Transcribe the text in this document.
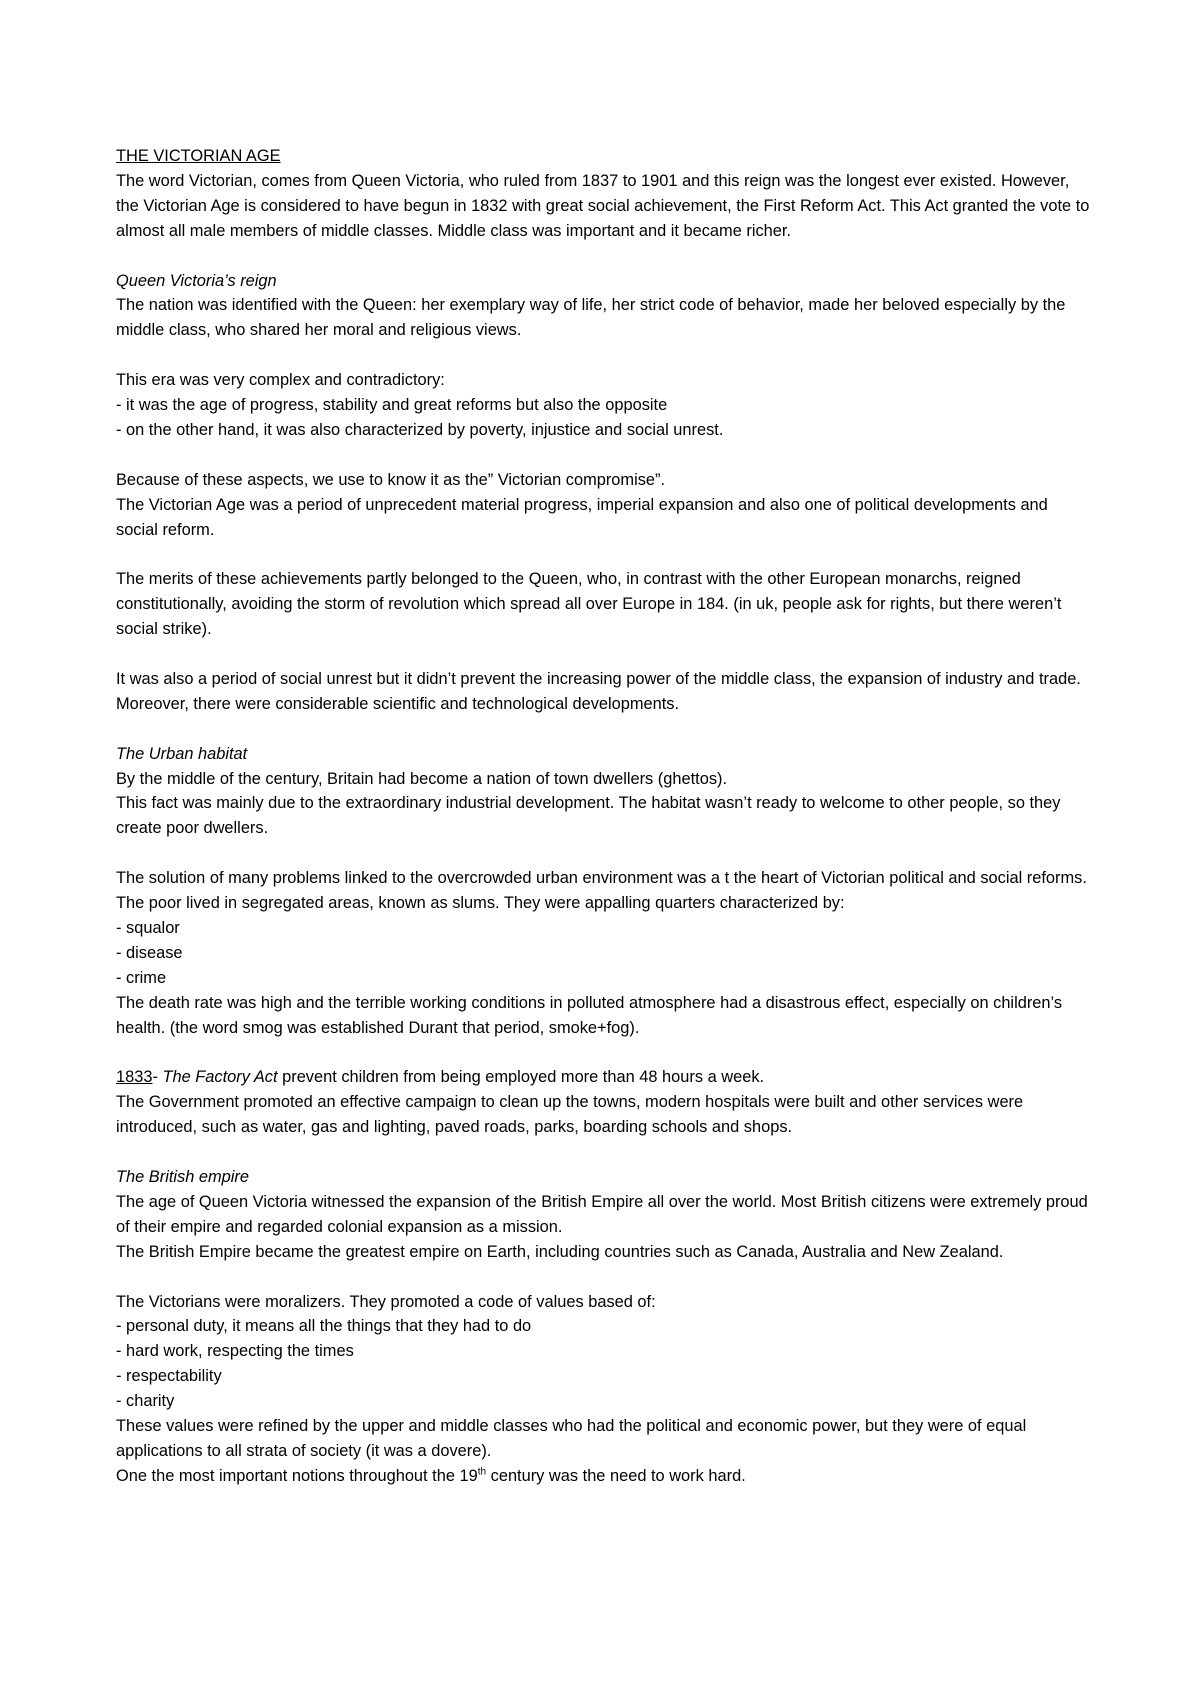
THE VICTORIAN AGE

The word Victorian, comes from Queen Victoria, who ruled from 1837 to 1901 and this reign was the longest ever existed. However, the Victorian Age is considered to have begun in 1832 with great social achievement, the First Reform Act. This Act granted the vote to almost all male members of middle classes. Middle class was important and it became richer.

Queen Victoria’s reign

The nation was identified with the Queen: her exemplary way of life, her strict code of behavior, made her beloved especially by the middle class, who shared her moral and religious views.

This era was very complex and contradictory:

- it was the age of progress, stability and great reforms but also the opposite

- on the other hand, it was also characterized by poverty, injustice and social unrest.

Because of these aspects, we use to know it as the” Victorian compromise”.

The Victorian Age was a period of unprecedent material progress, imperial expansion and also one of political developments and social reform.

The merits of these achievements partly belonged to the Queen, who, in contrast with the other European monarchs, reigned constitutionally, avoiding the storm of revolution which spread all over Europe in 184. (in uk, people ask for rights, but there weren’t social strike).

It was also a period of social unrest but it didn’t prevent the increasing power of the middle class, the expansion of industry and trade. Moreover, there were considerable scientific and technological developments.

The Urban habitat

By the middle of the century, Britain had become a nation of town dwellers (ghettos).

This fact was mainly due to the extraordinary industrial development. The habitat wasn’t ready to welcome to other people, so they create poor dwellers.

The solution of many problems linked to the overcrowded urban environment was a t the heart of Victorian political and social reforms. The poor lived in segregated areas, known as slums. They were appalling quarters characterized by:

- squalor

- disease

- crime

The death rate was high and the terrible working conditions in polluted atmosphere had a disastrous effect, especially on children’s health. (the word smog was established Durant that period, smoke+fog).

1833- The Factory Act prevent children from being employed more than 48 hours a week.

The Government promoted an effective campaign to clean up the towns, modern hospitals were built and other services were introduced, such as water, gas and lighting, paved roads, parks, boarding schools and shops.

The British empire

The age of Queen Victoria witnessed the expansion of the British Empire all over the world. Most British citizens were extremely proud of their empire and regarded colonial expansion as a mission.

The British Empire became the greatest empire on Earth, including countries such as Canada, Australia and New Zealand.

The Victorians were moralizers. They promoted a code of values based of:

- personal duty, it means all the things that they had to do

- hard work, respecting the times

- respectability

- charity

These values were refined by the upper and middle classes who had the political and economic power, but they were of equal applications to all strata of society (it was a dovere).

One the most important notions throughout the 19th century was the need to work hard.
